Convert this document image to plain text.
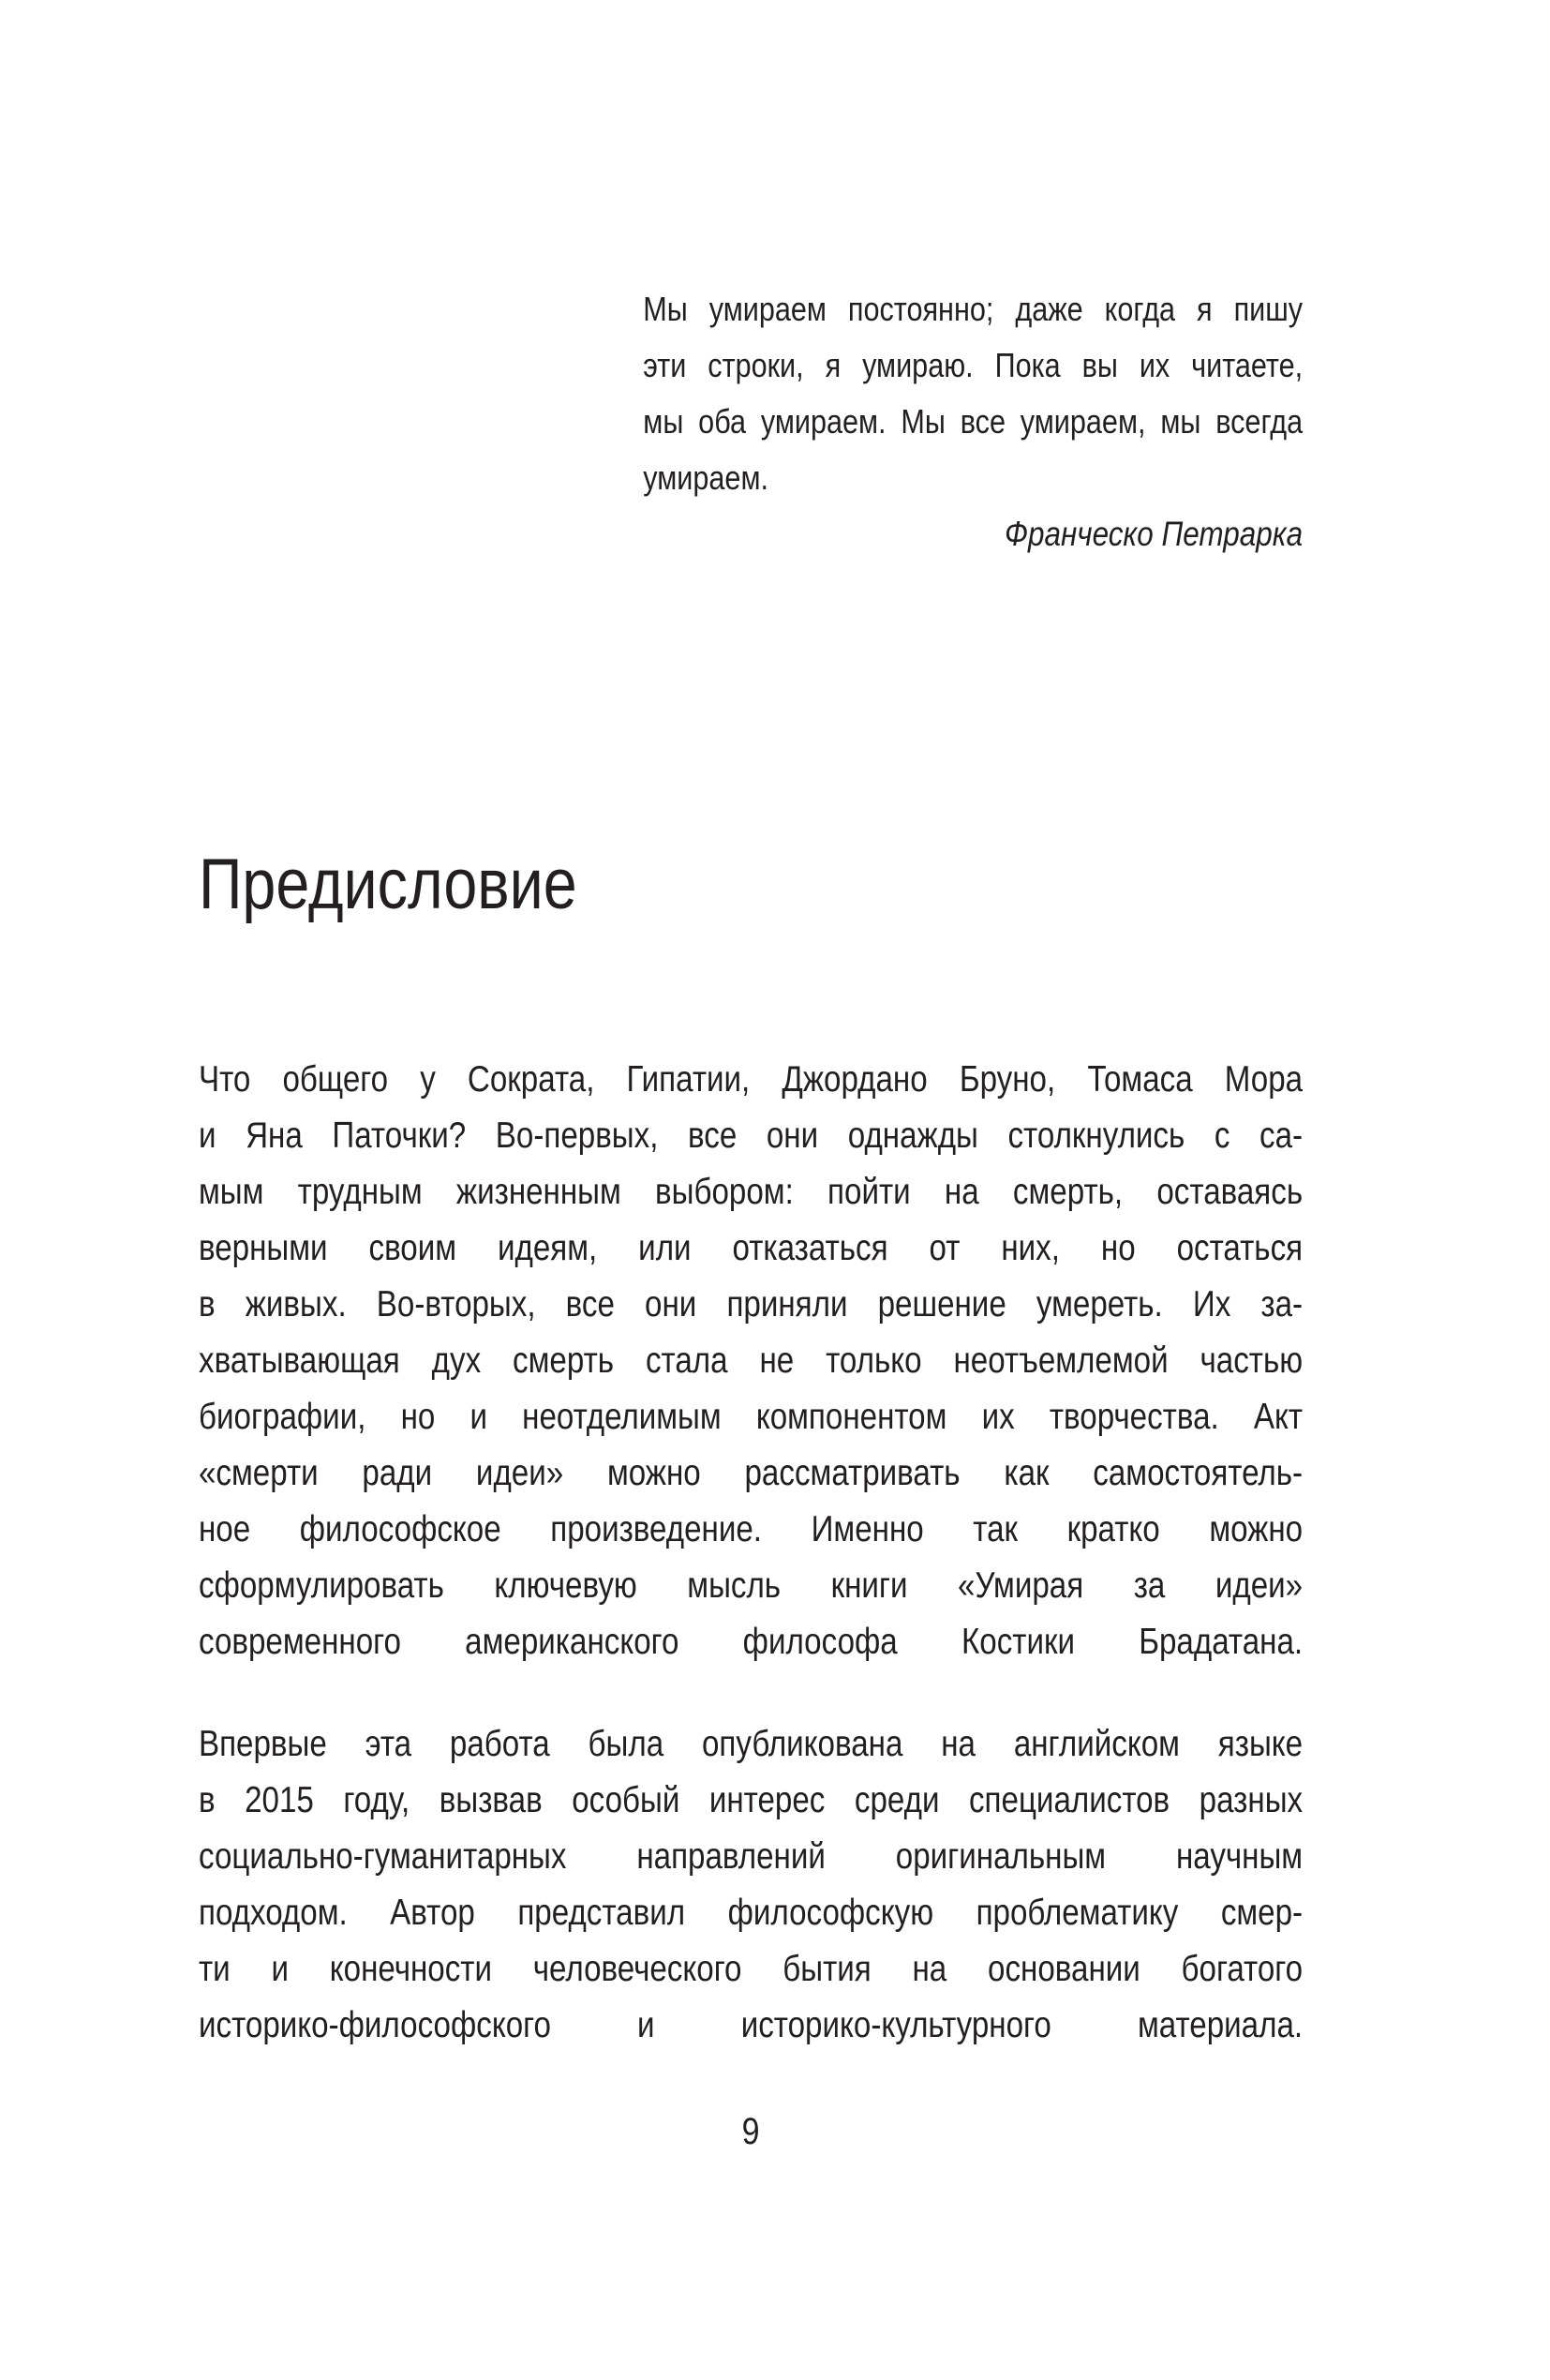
Мы умираем постоянно; даже когда я пишу
эти строки, я умираю. Пока вы их читаете,
мы оба умираем. Мы все умираем, мы всегда
умираем.
Франческо Петрарка
Предисловие
Что общего у Сократа, Гипатии, Джордано Бруно, Томаса Мора
и Яна Паточки? Во-первых, все они однажды столкнулись с са-
мым трудным жизненным выбором: пойти на смерть, оставаясь
верными своим идеям, или отказаться от них, но остаться
в живых. Во-вторых, все они приняли решение умереть. Их за-
хватывающая дух смерть стала не только неотъемлемой частью
биографии, но и неотделимым компонентом их творчества. Акт
«смерти ради идеи» можно рассматривать как самостоятель-
ное философское произведение. Именно так кратко можно
сформулировать ключевую мысль книги «Умирая за идеи»
современного американского философа Костики Брадатана.
Впервые эта работа была опубликована на английском языке
в 2015 году, вызвав особый интерес среди специалистов разных
социально-гуманитарных направлений оригинальным научным
подходом. Автор представил философскую проблематику смер-
ти и конечности человеческого бытия на основании богатого
историко-философского и историко-культурного материала.
9
